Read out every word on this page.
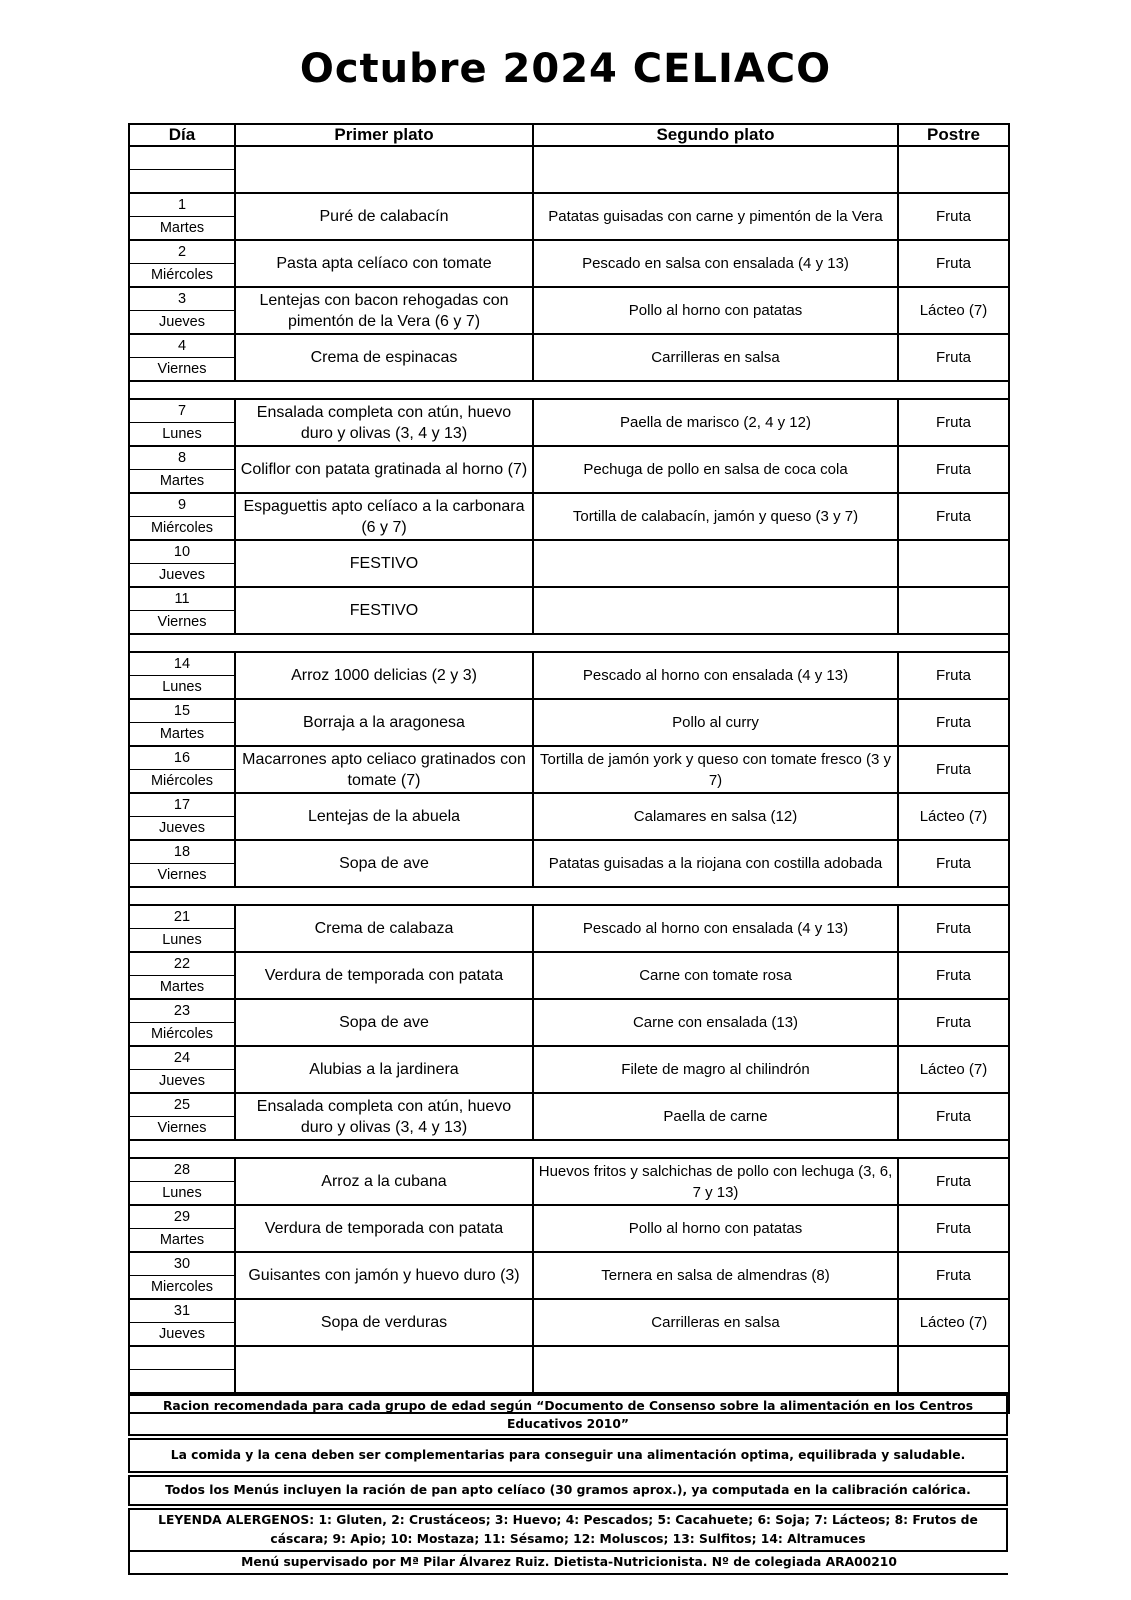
Octubre 2024 CELIACO
Día	Primer plato	Segundo plato	Postre

1
Martes	Puré de calabacín	Patatas guisadas con carne y pimentón de la Vera	Fruta

2
Miércoles	Pasta apta celíaco con tomate	Pescado en salsa con ensalada (4 y 13)	Fruta

3
Jueves	Lentejas con bacon rehogadas con pimentón de la Vera (6 y 7)	Pollo al horno con patatas	Lácteo (7)

4
Viernes	Crema de espinacas	Carrilleras en salsa	Fruta

7
Lunes	Ensalada completa con atún, huevo duro y olivas (3, 4 y 13)	Paella de marisco (2, 4 y 12)	Fruta

8
Martes	Coliflor con patata gratinada al horno (7)	Pechuga de pollo en salsa de coca cola	Fruta

9
Miércoles	Espaguettis apto celíaco a la carbonara (6 y 7)	Tortilla de calabacín, jamón y queso (3 y 7)	Fruta

10
Jueves	FESTIVO		

11
Viernes	FESTIVO		

14
Lunes	Arroz 1000 delicias (2 y 3)	Pescado al horno con ensalada (4 y 13)	Fruta

15
Martes	Borraja a la aragonesa	Pollo al curry	Fruta

16
Miércoles	Macarrones apto celiaco gratinados con tomate (7)	Tortilla de jamón york y queso con tomate fresco (3 y 7)	Fruta

17
Jueves	Lentejas de la abuela	Calamares en salsa (12)	Lácteo (7)

18
Viernes	Sopa de ave	Patatas guisadas a la riojana con costilla adobada	Fruta

21
Lunes	Crema de calabaza	Pescado al horno con ensalada (4 y 13)	Fruta

22
Martes	Verdura de temporada con patata	Carne con tomate rosa	Fruta

23
Miércoles	Sopa de ave	Carne con ensalada (13)	Fruta

24
Jueves	Alubias a la jardinera	Filete de magro al chilindrón	Lácteo (7)

25
Viernes	Ensalada completa con atún, huevo duro y olivas (3, 4 y 13)	Paella de carne	Fruta

28
Lunes	Arroz a la cubana	Huevos fritos y salchichas de pollo con lechuga (3, 6, 7 y 13)	Fruta

29
Martes	Verdura de temporada con patata	Pollo al horno con patatas	Fruta

30
Miercoles	Guisantes con jamón y huevo duro (3)	Ternera en salsa de almendras (8)	Fruta

31
Jueves	Sopa de verduras	Carrilleras en salsa	Lácteo (7)

Racion recomendada para cada grupo de edad según “Documento de Consenso sobre la alimentación en los Centros Educativos 2010”
La comida y la cena deben ser complementarias para conseguir una alimentación optima, equilibrada y saludable.
Todos los Menús incluyen la ración de pan apto celíaco (30 gramos aprox.), ya computada en la calibración calórica.
LEYENDA ALERGENOS: 1: Gluten, 2: Crustáceos; 3: Huevo; 4: Pescados; 5: Cacahuete; 6: Soja; 7: Lácteos; 8: Frutos de cáscara; 9: Apio; 10: Mostaza; 11: Sésamo; 12: Moluscos; 13: Sulfitos; 14: Altramuces
Menú supervisado por Mª Pilar Álvarez Ruiz. Dietista-Nutricionista. Nº de colegiada ARA00210
